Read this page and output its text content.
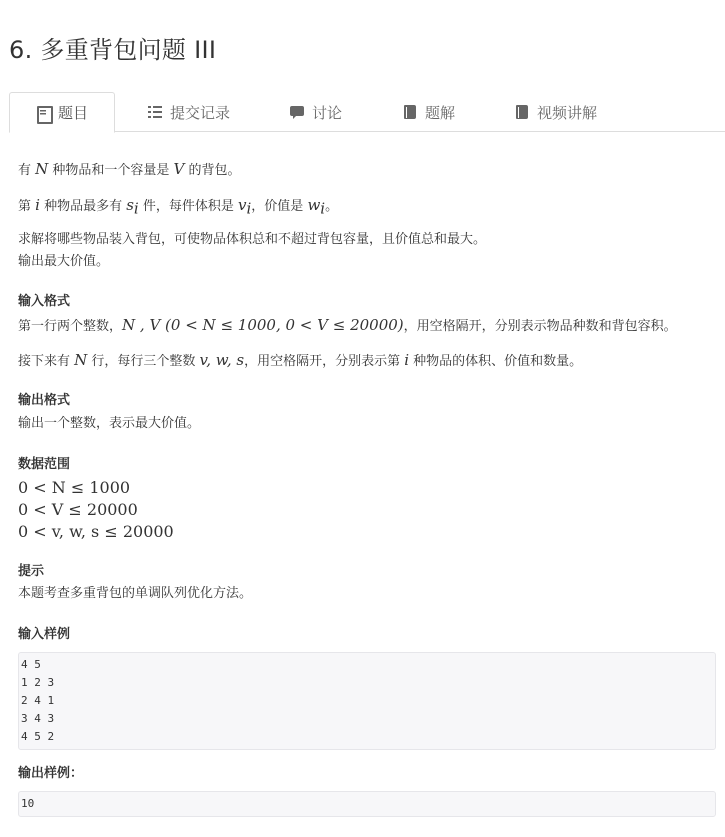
6. 多重背包问题 III
题目	提交记录	讨论	题解	视频讲解
有 N 种物品和一个容量是 V 的背包。
第 i 种物品最多有 $s_i$ 件，每件体积是 $v_i$，价值是 $w_i$。
求解将哪些物品装入背包，可使物品体积总和不超过背包容量，且价值总和最大。
输出最大价值。
输入格式
第一行两个整数，N , V (0 < N ≤ 1000, 0 < V ≤ 20000)，用空格隔开，分别表示物品种数和背包容积。
接下来有 N 行，每行三个整数 v, w, s，用空格隔开，分别表示第 i 种物品的体积、价值和数量。
输出格式
输出一个整数，表示最大价值。
数据范围
0 < N ≤ 1000
0 < V ≤ 20000
0 < v, w, s ≤ 20000
提示
本题考查多重背包的单调队列优化方法。
输入样例
4 5
1 2 3
2 4 1
3 4 3
4 5 2
输出样例：
10
